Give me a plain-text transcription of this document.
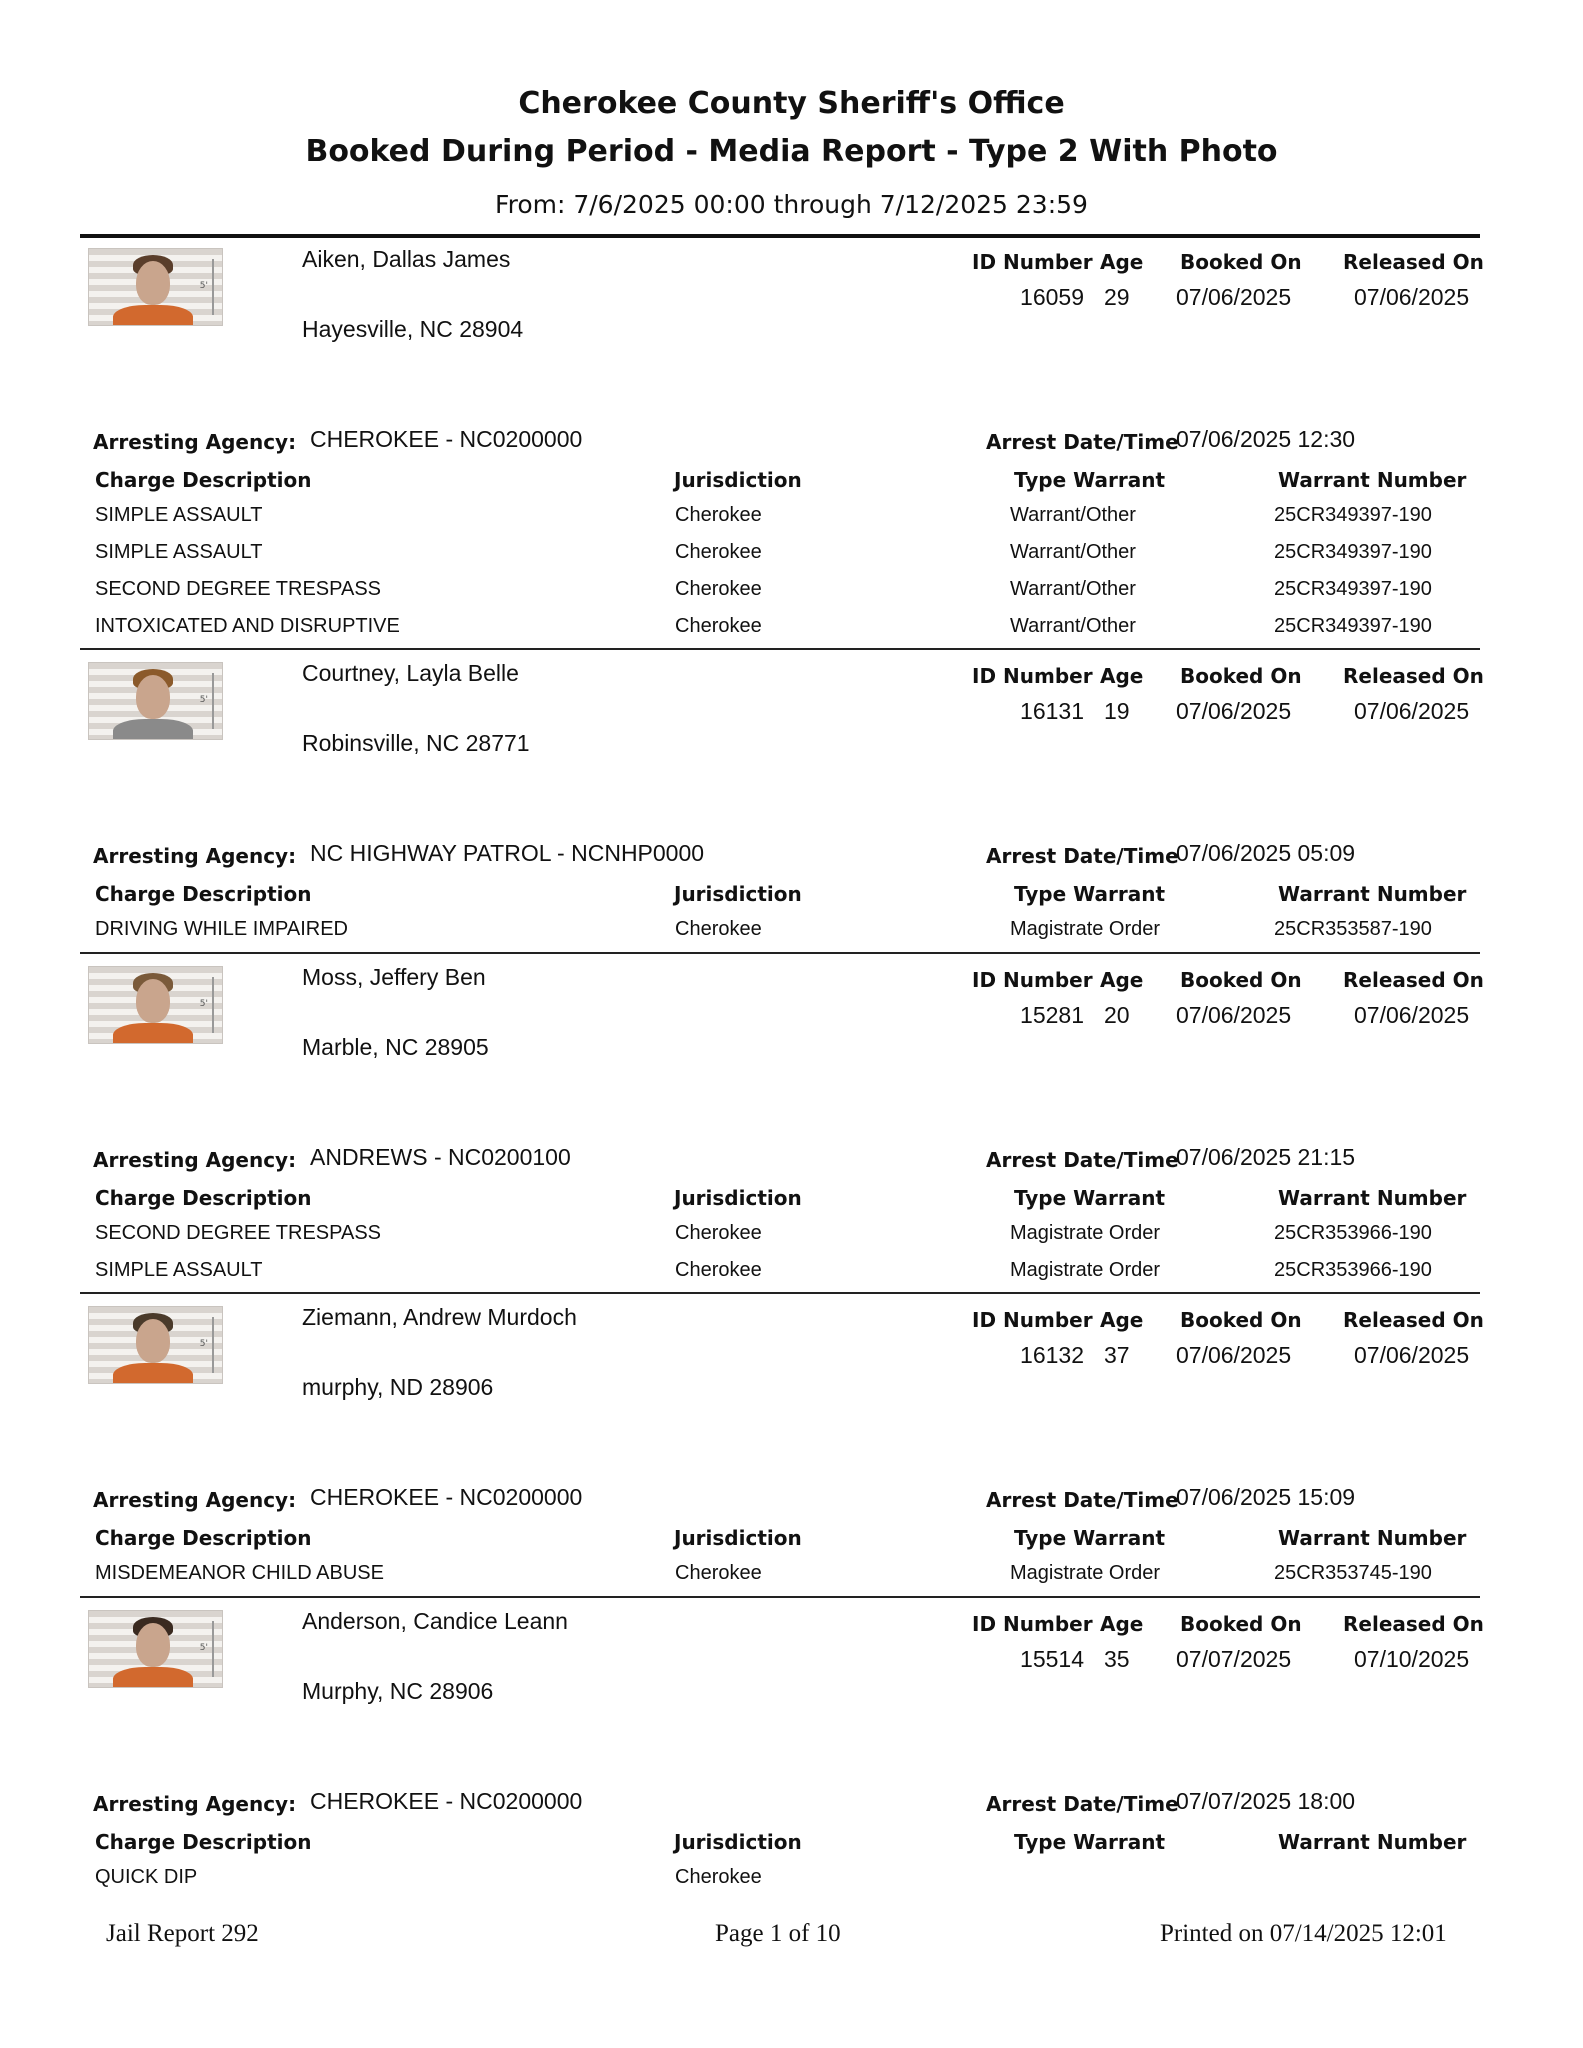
Cherokee County Sheriff's Office
Booked During Period - Media Report - Type 2 With Photo
From: 7/6/2025 00:00 through 7/12/2025 23:59
5'
Aiken, Dallas James
Hayesville, NC 28904
ID Number Age Booked On Released On
16059 29 07/06/2025	07/06/2025
Arresting Agency: CHEROKEE - NC0200000	Arrest Date/Time
07/06/2025 12:30
Charge Description	Jurisdiction	Type Warrant	Warrant Number
SIMPLE ASSAULT	Cherokee	Warrant/Other	25CR349397-190
SIMPLE ASSAULT	Cherokee	Warrant/Other	25CR349397-190
SECOND DEGREE TRESPASS	Cherokee	Warrant/Other	25CR349397-190
INTOXICATED AND DISRUPTIVE	Cherokee	Warrant/Other	25CR349397-190
5'
Courtney, Layla Belle
Robinsville, NC 28771
ID Number Age Booked On Released On
16131 19 07/06/2025	07/06/2025
Arresting Agency: NC HIGHWAY PATROL - NCNHP0000	Arrest Date/Time
07/06/2025 05:09
Charge Description	Jurisdiction	Type Warrant	Warrant Number
DRIVING WHILE IMPAIRED	Cherokee	Magistrate Order	25CR353587-190
5'
Moss, Jeffery Ben
Marble, NC 28905
ID Number Age Booked On Released On
15281 20 07/06/2025	07/06/2025
Arresting Agency: ANDREWS - NC0200100	Arrest Date/Time
07/06/2025 21:15
Charge Description	Jurisdiction	Type Warrant	Warrant Number
SECOND DEGREE TRESPASS	Cherokee	Magistrate Order	25CR353966-190
SIMPLE ASSAULT	Cherokee	Magistrate Order	25CR353966-190
5'
Ziemann, Andrew Murdoch
murphy, ND 28906
ID Number Age Booked On Released On
16132 37 07/06/2025	07/06/2025
Arresting Agency: CHEROKEE - NC0200000	Arrest Date/Time
07/06/2025 15:09
Charge Description	Jurisdiction	Type Warrant	Warrant Number
MISDEMEANOR CHILD ABUSE	Cherokee	Magistrate Order	25CR353745-190
5'
Anderson, Candice Leann
Murphy, NC 28906
ID Number Age Booked On Released On
15514 35 07/07/2025	07/10/2025
Arresting Agency: CHEROKEE - NC0200000	Arrest Date/Time
07/07/2025 18:00
Charge Description	Jurisdiction	Type Warrant	Warrant Number
QUICK DIP	Cherokee
Jail Report 292	Page 1 of 10	Printed on 07/14/2025 12:01
